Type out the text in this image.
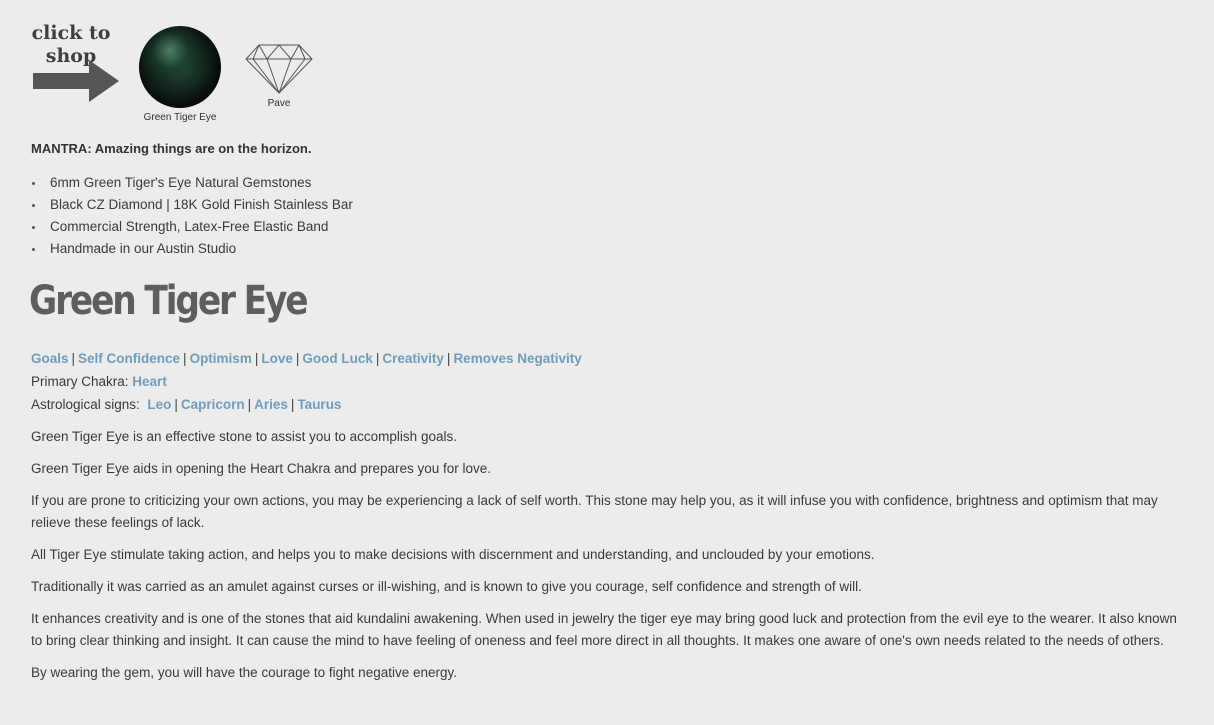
click to
shop
Green Tiger Eye
Pave
MANTRA: Amazing things are on the horizon.
6mm Green Tiger's Eye Natural Gemstones
Black CZ Diamond | 18K Gold Finish Stainless Bar
Commercial Strength, Latex-Free Elastic Band
Handmade in our Austin Studio
Green Tiger Eye
Goals | Self Confidence | Optimism | Love | Good Luck | Creativity | Removes Negativity
Primary Chakra: Heart
Astrological signs: Leo | Capricorn | Aries | Taurus

Green Tiger Eye is an effective stone to assist you to accomplish goals.

Green Tiger Eye aids in opening the Heart Chakra and prepares you for love.

If you are prone to criticizing your own actions, you may be experiencing a lack of self worth. This stone may help you, as it will infuse you with confidence, brightness and optimism that may relieve these feelings of lack.

All Tiger Eye stimulate taking action, and helps you to make decisions with discernment and understanding, and unclouded by your emotions.

Traditionally it was carried as an amulet against curses or ill-wishing, and is known to give you courage, self confidence and strength of will.

It enhances creativity and is one of the stones that aid kundalini awakening. When used in jewelry the tiger eye may bring good luck and protection from the evil eye to the wearer. It also known to bring clear thinking and insight. It can cause the mind to have feeling of oneness and feel more direct in all thoughts. It makes one aware of one's own needs related to the needs of others.

By wearing the gem, you will have the courage to fight negative energy.
